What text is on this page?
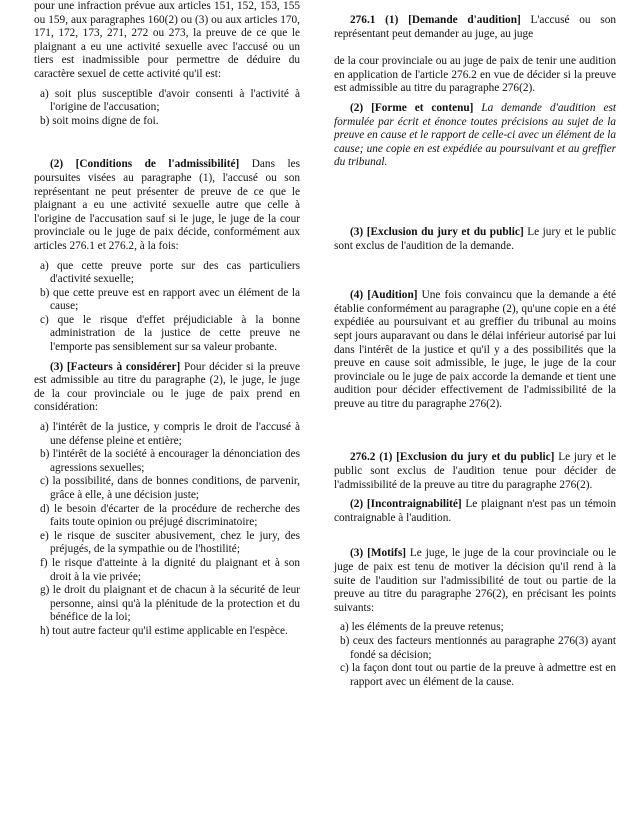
pour une infraction prévue aux articles 151, 152, 153, 155 ou 159, aux paragraphes 160(2) ou (3) ou aux articles 170, 171, 172, 173, 271, 272 ou 273, la preuve de ce que le plaignant a eu une activité sexuelle avec l'accusé ou un tiers est inadmissible pour permettre de déduire du caractère sexuel de cette activité qu'il est:

a) soit plus susceptible d'avoir consenti à l'activité à l'origine de l'accusation;

b) soit moins digne de foi.

(2) [Conditions de l'admissibilité] Dans les poursuites visées au paragraphe (1), l'accusé ou son représentant ne peut présenter de preuve de ce que le plaignant a eu une activité sexuelle autre que celle à l'origine de l'accusation sauf si le juge, le juge de la cour provinciale ou le juge de paix décide, conformément aux articles 276.1 et 276.2, à la fois:

a) que cette preuve porte sur des cas particuliers d'activité sexuelle;

b) que cette preuve est en rapport avec un élément de la cause;

c) que le risque d'effet préjudiciable à la bonne administration de la justice de cette preuve ne l'emporte pas sensiblement sur sa valeur probante.

(3) [Facteurs à considérer] Pour décider si la preuve est admissible au titre du paragraphe (2), le juge, le juge de la cour provinciale ou le juge de paix prend en considération:

a) l'intérêt de la justice, y compris le droit de l'accusé à une défense pleine et entière;

b) l'intérêt de la société à encourager la dénonciation des agressions sexuelles;

c) la possibilité, dans de bonnes conditions, de parvenir, grâce à elle, à une décision juste;

d) le besoin d'écarter de la procédure de recherche des faits toute opinion ou préjugé discriminatoire;

e) le risque de susciter abusivement, chez le jury, des préjugés, de la sympathie ou de l'hostilité;

f) le risque d'atteinte à la dignité du plaignant et à son droit à la vie privée;

g) le droit du plaignant et de chacun à la sécurité de leur personne, ainsi qu'à la plénitude de la protection et du bénéfice de la loi;

h) tout autre facteur qu'il estime applicable en l'espèce.

276.1 (1) [Demande d'audition] L'accusé ou son représentant peut demander au juge, au juge

de la cour provinciale ou au juge de paix de tenir une audition en application de l'article 276.2 en vue de décider si la preuve est admissible au titre du paragraphe 276(2).

(2) [Forme et contenu] La demande d'audition est formulée par écrit et énonce toutes précisions au sujet de la preuve en cause et le rapport de celle-ci avec un élément de la cause; une copie en est expédiée au poursuivant et au greffier du tribunal.

(3) [Exclusion du jury et du public] Le jury et le public sont exclus de l'audition de la demande.

(4) [Audition] Une fois convaincu que la demande a été établie conformément au paragraphe (2), qu'une copie en a été expédiée au poursuivant et au greffier du tribunal au moins sept jours auparavant ou dans le délai inférieur autorisé par lui dans l'intérêt de la justice et qu'il y a des possibilités que la preuve en cause soit admissible, le juge, le juge de la cour provinciale ou le juge de paix accorde la demande et tient une audition pour décider effectivement de l'admissibilité de la preuve au titre du paragraphe 276(2).

276.2 (1) [Exclusion du jury et du public] Le jury et le public sont exclus de l'audition tenue pour décider de l'admissibilité de la preuve au titre du paragraphe 276(2).

(2) [Incontraignabilité] Le plaignant n'est pas un témoin contraignable à l'audition.

(3) [Motifs] Le juge, le juge de la cour provinciale ou le juge de paix est tenu de motiver la décision qu'il rend à la suite de l'audition sur l'admissibilité de tout ou partie de la preuve au titre du paragraphe 276(2), en précisant les points suivants:

a) les éléments de la preuve retenus;

b) ceux des facteurs mentionnés au paragraphe 276(3) ayant fondé sa décision;

c) la façon dont tout ou partie de la preuve à admettre est en rapport avec un élément de la cause.
